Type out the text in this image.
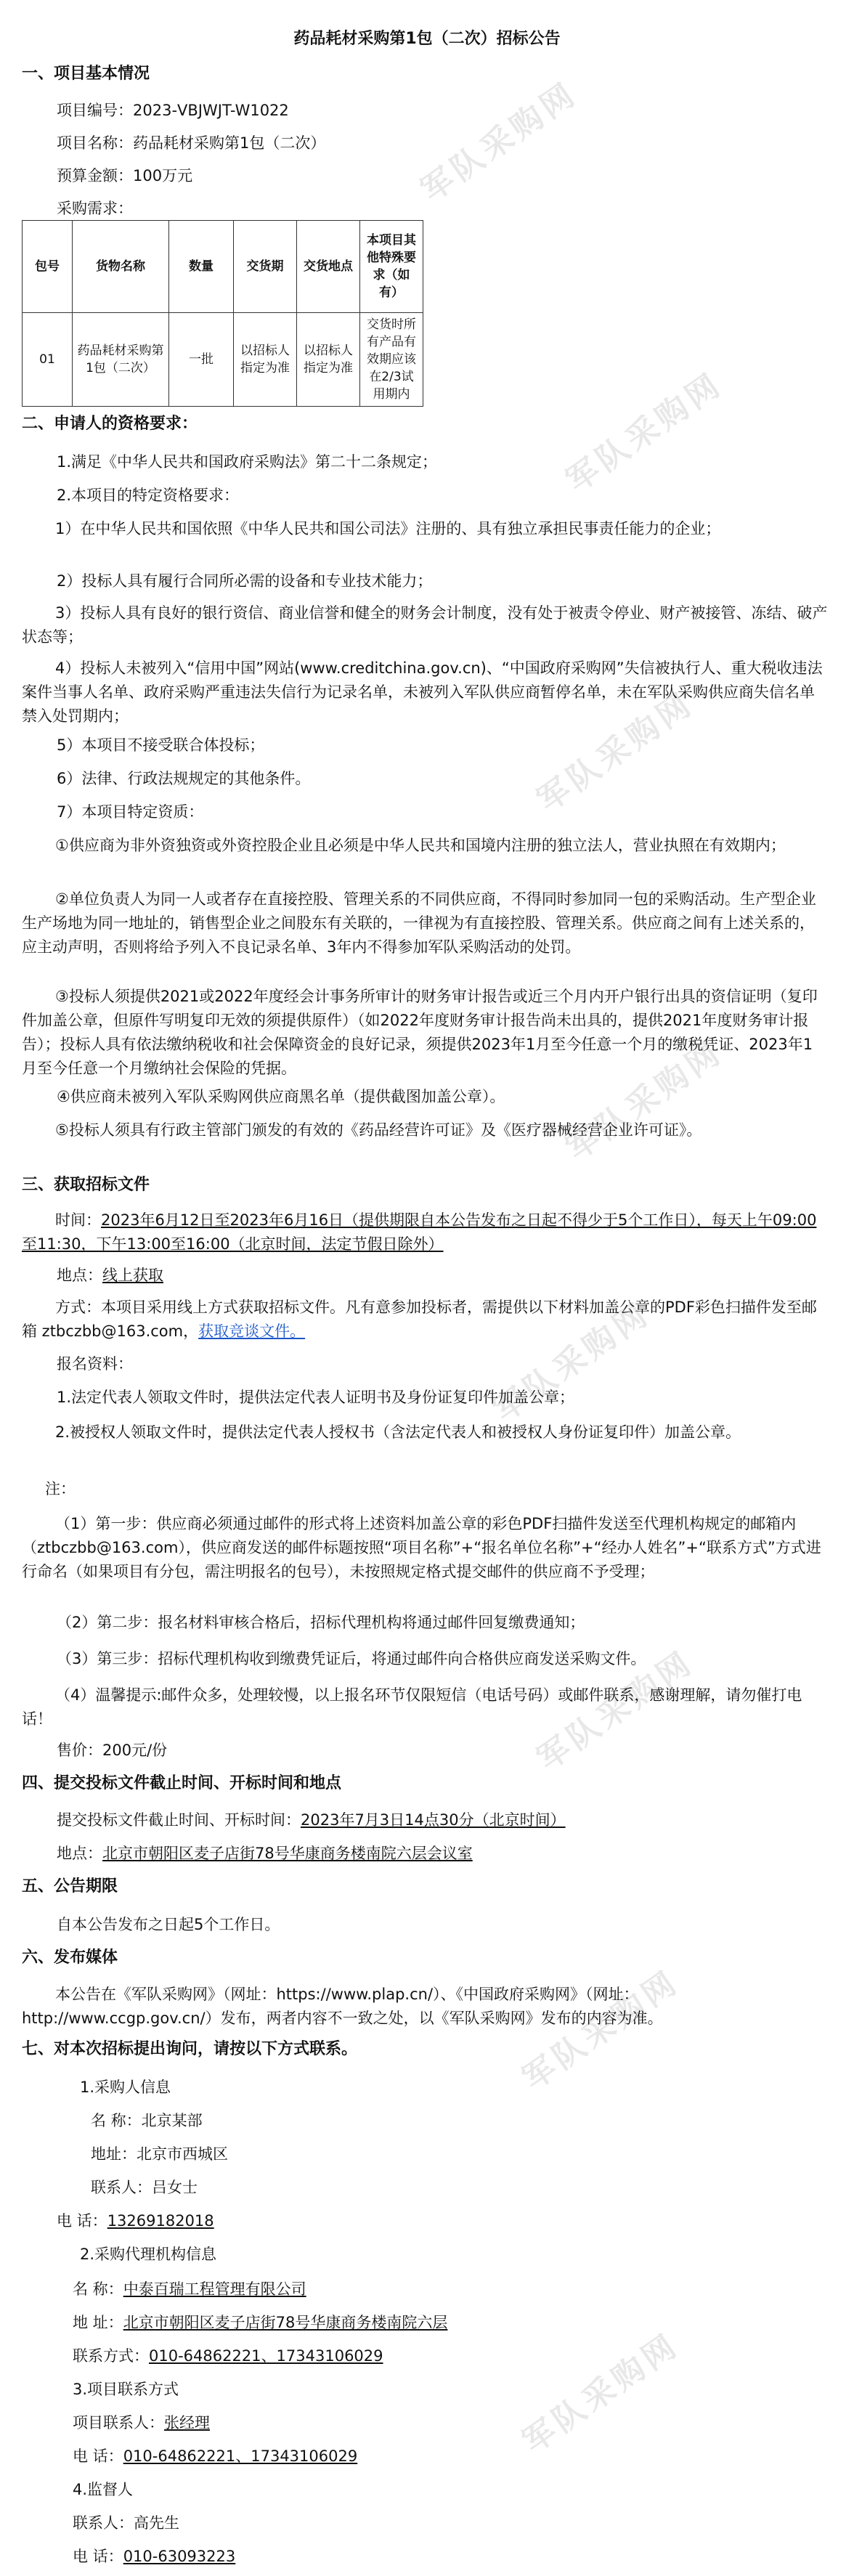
军队采购网
军队采购网
军队采购网
军队采购网
军队采购网
军队采购网
军队采购网
军队采购网
药品耗材采购第1包（二次）招标公告
一、项目基本情况
项目编号：2023-VBJWJT-W1022
项目名称：药品耗材采购第1包（二次）
预算金额：100万元
采购需求：
包号	货物名称	数量	交货期	交货地点	本项目其他特殊要求（如有）
01	药品耗材采购第1包（二次）	一批	以招标人指定为准	以招标人指定为准	交货时所有产品有效期应该在2/3试用期内
二、申请人的资格要求：
1.满足《中华人民共和国政府采购法》第二十二条规定；
2.本项目的特定资格要求：
1）在中华人民共和国依照《中华人民共和国公司法》注册的、具有独立承担民事责任能力的企业；
2）投标人具有履行合同所必需的设备和专业技术能力；
3）投标人具有良好的银行资信、商业信誉和健全的财务会计制度，没有处于被责令停业、财产被接管、冻结、破产状态等；
4）投标人未被列入“信用中国”网站(www.creditchina.gov.cn)、“中国政府采购网”失信被执行人、重大税收违法案件当事人名单、政府采购严重违法失信行为记录名单，未被列入军队供应商暂停名单，未在军队采购供应商失信名单禁入处罚期内；
5）本项目不接受联合体投标；
6）法律、行政法规规定的其他条件。
7）本项目特定资质：
①供应商为非外资独资或外资控股企业且必须是中华人民共和国境内注册的独立法人，营业执照在有效期内；
②单位负责人为同一人或者存在直接控股、管理关系的不同供应商，不得同时参加同一包的采购活动。生产型企业生产场地为同一地址的，销售型企业之间股东有关联的，一律视为有直接控股、管理关系。供应商之间有上述关系的，应主动声明，否则将给予列入不良记录名单、3年内不得参加军队采购活动的处罚。
③投标人须提供2021或2022年度经会计事务所审计的财务审计报告或近三个月内开户银行出具的资信证明（复印件加盖公章，但原件写明复印无效的须提供原件）（如2022年度财务审计报告尚未出具的，提供2021年度财务审计报告）；投标人具有依法缴纳税收和社会保障资金的良好记录，须提供2023年1月至今任意一个月的缴税凭证、2023年1月至今任意一个月缴纳社会保险的凭据。
④供应商未被列入军队采购网供应商黑名单（提供截图加盖公章）。
⑤投标人须具有行政主管部门颁发的有效的《药品经营许可证》及《医疗器械经营企业许可证》。
三、获取招标文件
时间：2023年6月12日至2023年6月16日（提供期限自本公告发布之日起不得少于5个工作日），每天上午09:00至11:30，下午13:00至16:00（北京时间，法定节假日除外）
地点：线上获取
方式：本项目采用线上方式获取招标文件。凡有意参加投标者，需提供以下材料加盖公章的PDF彩色扫描件发至邮箱 ztbczbb@163.com，获取竞谈文件。
报名资料：
1.法定代表人领取文件时，提供法定代表人证明书及身份证复印件加盖公章；
2.被授权人领取文件时，提供法定代表人授权书（含法定代表人和被授权人身份证复印件）加盖公章。
注：
（1）第一步：供应商必须通过邮件的形式将上述资料加盖公章的彩色PDF扫描件发送至代理机构规定的邮箱内（ztbczbb@163.com），供应商发送的邮件标题按照“项目名称”+“报名单位名称”+“经办人姓名”+“联系方式”方式进行命名（如果项目有分包，需注明报名的包号），未按照规定格式提交邮件的供应商不予受理；
（2）第二步：报名材料审核合格后，招标代理机构将通过邮件回复缴费通知；
（3）第三步：招标代理机构收到缴费凭证后，将通过邮件向合格供应商发送采购文件。
（4）温馨提示:邮件众多，处理较慢，以上报名环节仅限短信（电话号码）或邮件联系，感谢理解，请勿催打电话！
售价：200元/份
四、提交投标文件截止时间、开标时间和地点
提交投标文件截止时间、开标时间：2023年7月3日14点30分（北京时间）
地点：北京市朝阳区麦子店街78号华康商务楼南院六层会议室
五、公告期限
自本公告发布之日起5个工作日。
六、发布媒体
本公告在《军队采购网》（网址：https://www.plap.cn/）、《中国政府采购网》（网址：http://www.ccgp.gov.cn/）发布，两者内容不一致之处，以《军队采购网》发布的内容为准。
七、对本次招标提出询问，请按以下方式联系。
1.采购人信息
名 称：北京某部
地址：北京市西城区
联系人：吕女士
电 话：13269182018
2.采购代理机构信息
名 称：中泰百瑞工程管理有限公司
地 址：北京市朝阳区麦子店街78号华康商务楼南院六层
联系方式：010-64862221、17343106029
3.项目联系方式
项目联系人：张经理
电 话：010-64862221、17343106029
4.监督人
联系人：高先生
电 话：010-63093223
